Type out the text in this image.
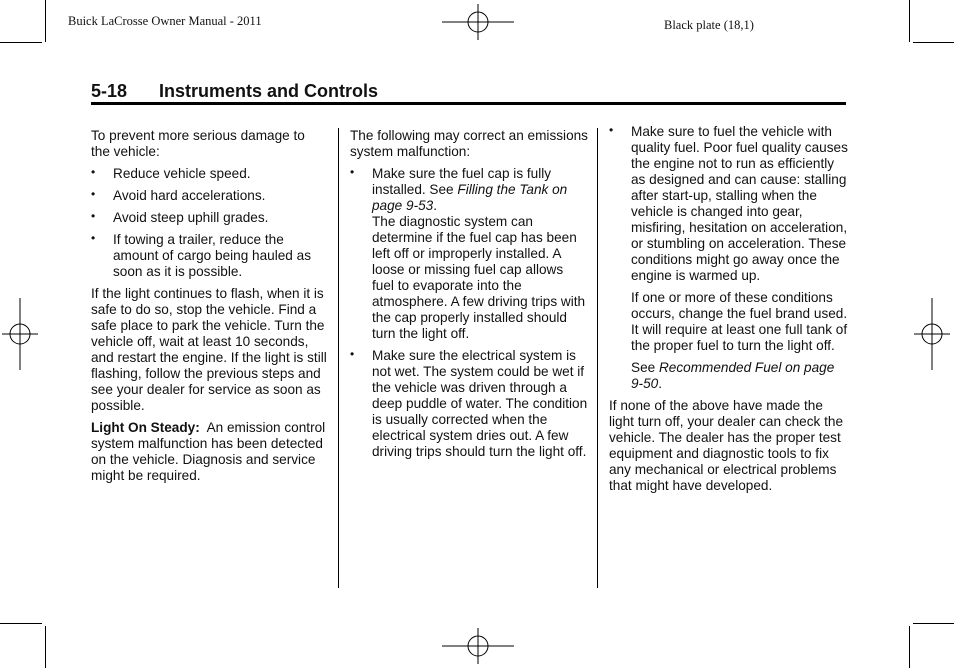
Buick LaCrosse Owner Manual - 2011	Black plate (18,1)
5-18 Instruments and Controls

To prevent more serious damage to the vehicle:

• Reduce vehicle speed.
• Avoid hard accelerations.
• Avoid steep uphill grades.
• If towing a trailer, reduce the amount of cargo being hauled as soon as it is possible.

If the light continues to flash, when it is safe to do so, stop the vehicle. Find a safe place to park the vehicle. Turn the vehicle off, wait at least 10 seconds, and restart the engine. If the light is still flashing, follow the previous steps and see your dealer for service as soon as possible.

Light On Steady: An emission control system malfunction has been detected on the vehicle. Diagnosis and service might be required.

The following may correct an emissions system malfunction:

• Make sure the fuel cap is fully installed. See Filling the Tank on page 9-53.
The diagnostic system can determine if the fuel cap has been left off or improperly installed. A loose or missing fuel cap allows fuel to evaporate into the atmosphere. A few driving trips with the cap properly installed should turn the light off.
• Make sure the electrical system is not wet. The system could be wet if the vehicle was driven through a deep puddle of water. The condition is usually corrected when the electrical system dries out. A few driving trips should turn the light off.
• Make sure to fuel the vehicle with quality fuel. Poor fuel quality causes the engine not to run as efficiently as designed and can cause: stalling after start-up, stalling when the vehicle is changed into gear, misfiring, hesitation on acceleration, or stumbling on acceleration. These conditions might go away once the engine is warmed up.

If one or more of these conditions occurs, change the fuel brand used. It will require at least one full tank of the proper fuel to turn the light off.

See Recommended Fuel on page 9-50.

If none of the above have made the light turn off, your dealer can check the vehicle. The dealer has the proper test equipment and diagnostic tools to fix any mechanical or electrical problems that might have developed.
